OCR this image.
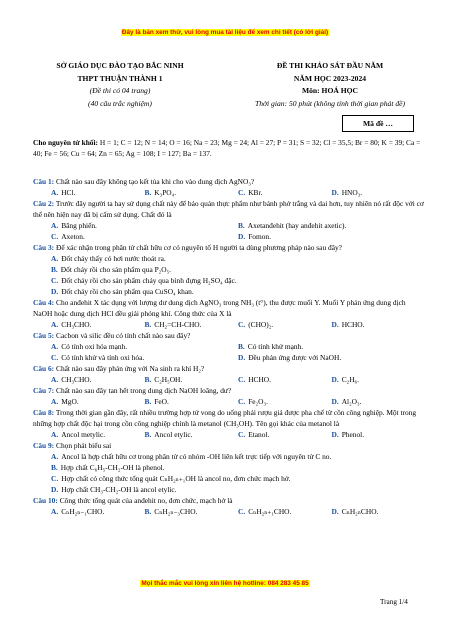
Đây là bản xem thử, vui lòng mua tài liệu để xem chi tiết (có lời giải)
SỞ GIÁO DỤC ĐÀO TẠO BẮC NINH
THPT THUẬN THÀNH 1
(Đề thi có 04 trang)
(40 câu trắc nghiệm)
ĐỀ THI KHẢO SÁT ĐẦU NĂM
NĂM HỌC 2023-2024
Môn: HOÁ HỌC
Thời gian: 50 phút (không tính thời gian phát đề)
Mã đề …
Cho nguyên tử khối: H = 1; C = 12; N = 14; O = 16; Na = 23; Mg = 24; Al = 27; P = 31; S = 32; Cl = 35,5; Br = 80; K = 39; Ca = 40; Fe = 56; Cu = 64; Zn = 65; Ag = 108; I = 127; Ba = 137.

Câu 1: Chất nào sau đây không tạo kết tủa khi cho vào dung dịch AgNO₃?

A. HCl.	B. K₃PO₄.	C. KBr.	D. HNO₃.

Câu 2: Trước đây người ta hay sử dụng chất này để bảo quản thực phẩm như bánh phở trắng và dai hơn, tuy nhiên nó rất độc với cơ thể nên hiện nay đã bị cấm sử dụng. Chất đó là

A. Băng phiến.	B. Axetanđehit (hay anđehit axetic).
C. Axeton.	D. Fomon.

Câu 3: Để xác nhận trong phân tử chất hữu cơ có nguyên tố H người ta dùng phương pháp nào sau đây?

A. Đốt cháy thấy có hơi nước thoát ra.
B. Đốt cháy rồi cho sản phẩm qua P₂O₅.
C. Đốt cháy rồi cho sản phẩm cháy qua bình đựng H₂SO₄ đặc.
D. Đốt cháy rồi cho sản phẩm qua CuSO₄ khan.

Câu 4: Cho anđehit X tác dụng với lượng dư dung dịch AgNO₃ trong NH₃ (t°), thu được muối Y. Muối Y phản ứng dung dịch NaOH hoặc dung dịch HCl đều giải phóng khí. Công thức của X là

A. CH₃CHO.	B. CH₂=CH-CHO.	C. (CHO)₂.	D. HCHO.

Câu 5: Cacbon và silic đều có tính chất nào sau đây?

A. Có tính oxi hóa mạnh.	B. Có tính khử mạnh.
C. Có tính khử và tính oxi hóa.	D. Đều phản ứng được với NaOH.

Câu 6: Chất nào sau đây phản ứng với Na sinh ra khí H₂?

A. CH₃CHO.	B. C₂H₅OH.	C. HCHO.	D. C₂H₆.

Câu 7: Chất nào sau đây tan hết trong dung dịch NaOH loãng, dư?

A. MgO.	B. FeO.	C. Fe₂O₃.	D. Al₂O₃.

Câu 8: Trong thời gian gần đây, rất nhiều trường hợp tử vong do uống phải rượu giả được pha chế từ cồn công nghiệp. Một trong những hợp chất độc hại trong cồn công nghiệp chính là metanol (CH₃OH). Tên gọi khác của metanol là

A. Ancol metylic.	B. Ancol etylic.	C. Etanol.	D. Phenol.

Câu 9: Chọn phát biểu sai

A. Ancol là hợp chất hữu cơ trong phân tử có nhóm -OH liên kết trực tiếp với nguyên tử C no.
B. Hợp chất C₆H₅-CH₂-OH là phenol.
C. Hợp chất có công thức tổng quát CₙH₂ₙ₊₁OH là ancol no, đơn chức mạch hở.
D. Hợp chất CH₃-CH₂-OH là ancol etylic.

Câu 10: Công thức tổng quát của anđehit no, đơn chức, mạch hở là

A. CₙH₂ₙ₋₁CHO.	B. CₙH₂ₙ₋₃CHO.	C. CₙH₂ₙ₊₁CHO.	D. CₙH₂ₙCHO.
Mọi thắc mắc vui lòng xin liên hệ hotline: 084 283 45 85
Trang 1/4
